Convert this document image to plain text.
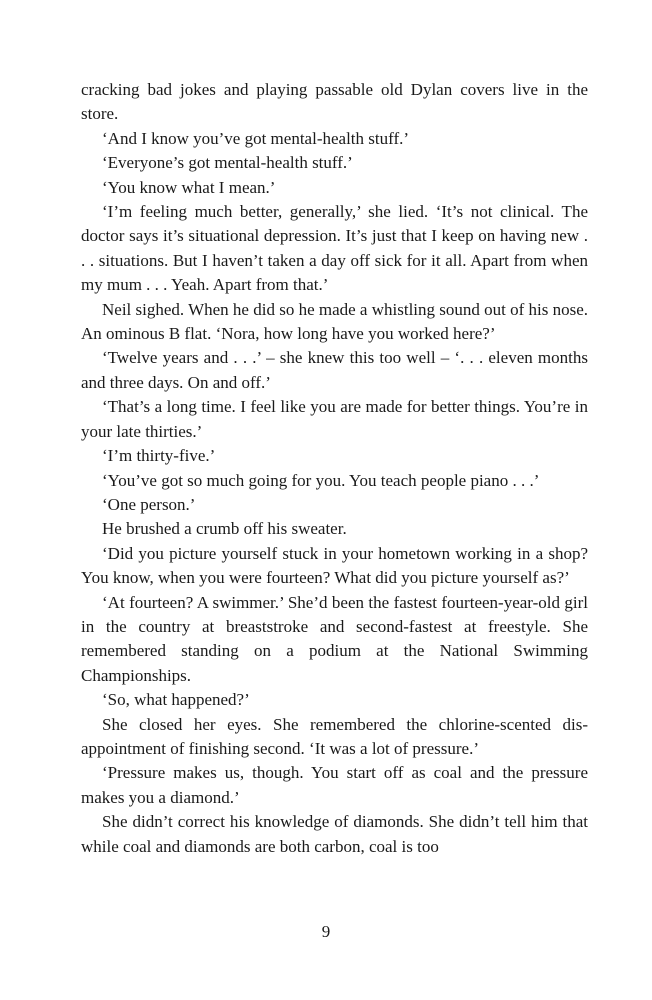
cracking bad jokes and playing passable old Dylan covers live in the store.

‘And I know you’ve got mental-health stuff.’

‘Everyone’s got mental-health stuff.’

‘You know what I mean.’

‘I’m feeling much better, generally,’ she lied. ‘It’s not clinical. The doctor says it’s situational depression. It’s just that I keep on having new . . . situations. But I haven’t taken a day off sick for it all. Apart from when my mum . . . Yeah. Apart from that.’

Neil sighed. When he did so he made a whistling sound out of his nose. An ominous B flat. ‘Nora, how long have you worked here?’

‘Twelve years and . . .’ – she knew this too well – ‘. . . eleven months and three days. On and off.’

‘That’s a long time. I feel like you are made for better things. You’re in your late thirties.’

‘I’m thirty-five.’

‘You’ve got so much going for you. You teach people piano . . .’

‘One person.’

He brushed a crumb off his sweater.

‘Did you picture yourself stuck in your hometown working in a shop? You know, when you were fourteen? What did you picture yourself as?’

‘At fourteen? A swimmer.’ She’d been the fastest fourteen-year-old girl in the country at breaststroke and second-fastest at freestyle. She remembered standing on a podium at the National Swimming Championships.

‘So, what happened?’

She closed her eyes. She remembered the chlorine-scented dis-appointment of finishing second. ‘It was a lot of pressure.’

‘Pressure makes us, though. You start off as coal and the pressure makes you a diamond.’

She didn’t correct his knowledge of diamonds. She didn’t tell him that while coal and diamonds are both carbon, coal is too

9
